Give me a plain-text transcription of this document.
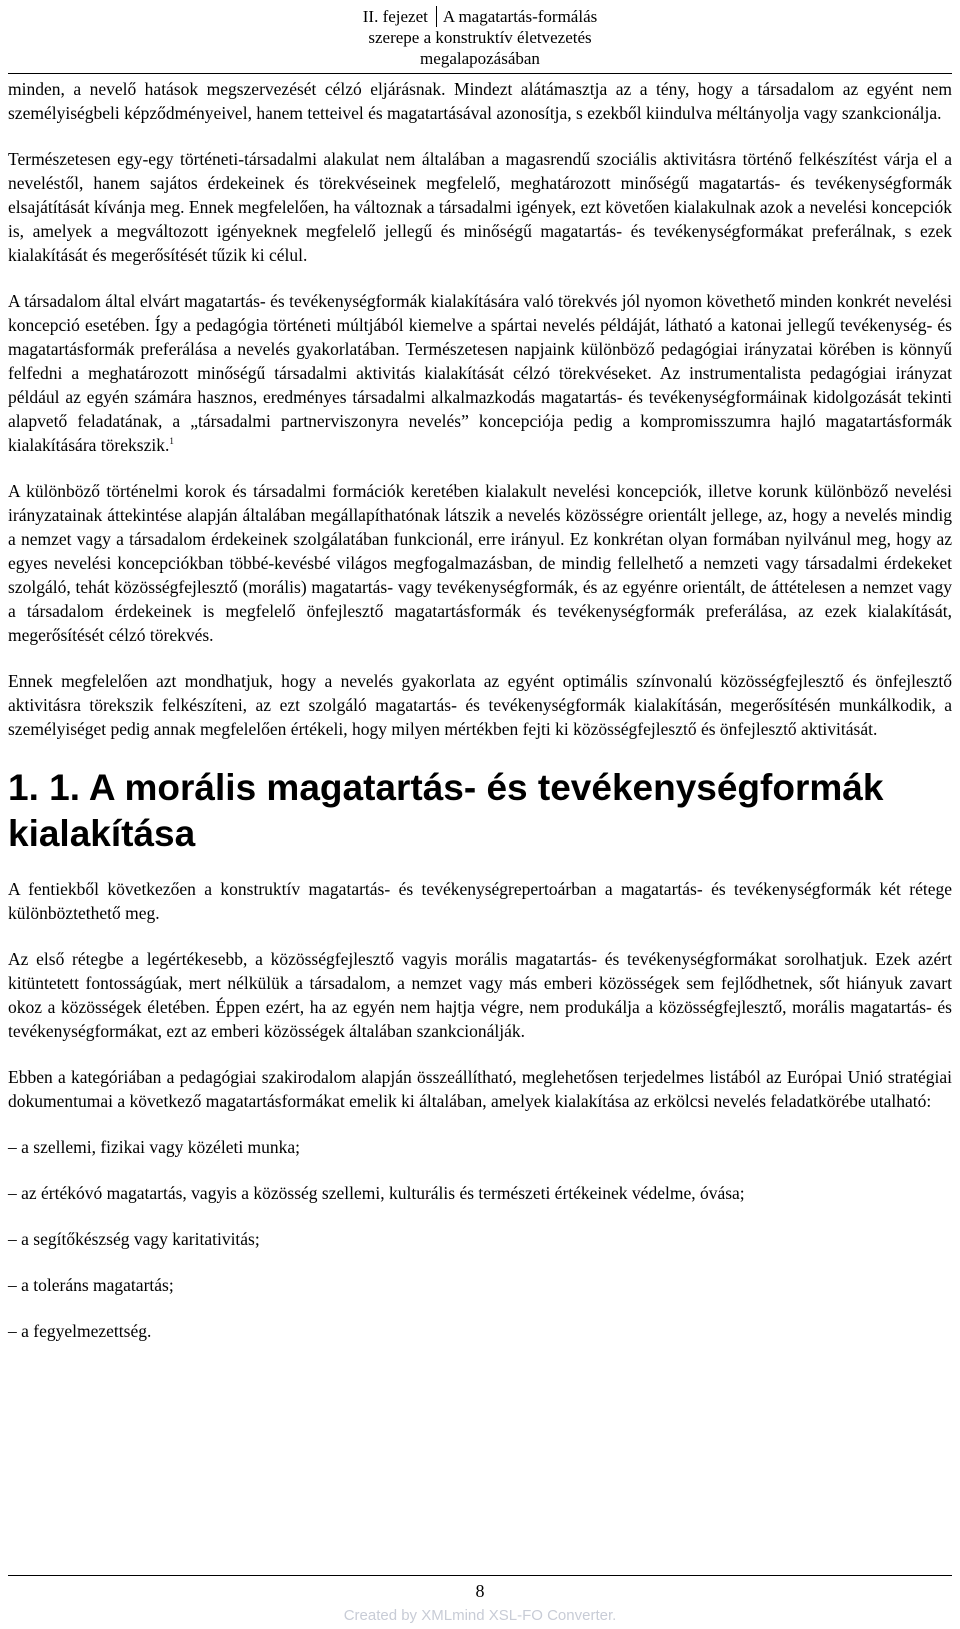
II. fejezet A magatartás-formálás
szerepe a konstruktív életvezetés
megalapozásában

minden, a nevelő hatások megszervezését célzó eljárásnak. Mindezt alátámasztja az a tény, hogy a társadalom az egyént nem személyiségbeli képződményeivel, hanem tetteivel és magatartásával azonosítja, s ezekből kiindulva méltányolja vagy szankcionálja.

Természetesen egy-egy történeti-társadalmi alakulat nem általában a magasrendű szociális aktivitásra történő felkészítést várja el a neveléstől, hanem sajátos érdekeinek és törekvéseinek megfelelő, meghatározott minőségű magatartás- és tevékenységformák elsajátítását kívánja meg. Ennek megfelelően, ha változnak a társadalmi igények, ezt követően kialakulnak azok a nevelési koncepciók is, amelyek a megváltozott igényeknek megfelelő jellegű és minőségű magatartás- és tevékenységformákat preferálnak, s ezek kialakítását és megerősítését tűzik ki célul.

A társadalom által elvárt magatartás- és tevékenységformák kialakítására való törekvés jól nyomon követhető minden konkrét nevelési koncepció esetében. Így a pedagógia történeti múltjából kiemelve a spártai nevelés példáját, látható a katonai jellegű tevékenység- és magatartásformák preferálása a nevelés gyakorlatában. Természetesen napjaink különböző pedagógiai irányzatai körében is könnyű felfedni a meghatározott minőségű társadalmi aktivitás kialakítását célzó törekvéseket. Az instrumentalista pedagógiai irányzat például az egyén számára hasznos, eredményes társadalmi alkalmazkodás magatartás- és tevékenységformáinak kidolgozását tekinti alapvető feladatának, a „társadalmi partnerviszonyra nevelés” koncepciója pedig a kompromisszumra hajló magatartásformák kialakítására törekszik.$^1$

A különböző történelmi korok és társadalmi formációk keretében kialakult nevelési koncepciók, illetve korunk különböző nevelési irányzatainak áttekintése alapján általában megállapíthatónak látszik a nevelés közösségre orientált jellege, az, hogy a nevelés mindig a nemzet vagy a társadalom érdekeinek szolgálatában funkcionál, erre irányul. Ez konkrétan olyan formában nyilvánul meg, hogy az egyes nevelési koncepciókban többé-kevésbé világos megfogalmazásban, de mindig fellelhető a nemzeti vagy társadalmi érdekeket szolgáló, tehát közösségfejlesztő (morális) magatartás- vagy tevékenységformák, és az egyénre orientált, de áttételesen a nemzet vagy a társadalom érdekeinek is megfelelő önfejlesztő magatartásformák és tevékenységformák preferálása, az ezek kialakítását, megerősítését célzó törekvés.

Ennek megfelelően azt mondhatjuk, hogy a nevelés gyakorlata az egyént optimális színvonalú közösségfejlesztő és önfejlesztő aktivitásra törekszik felkészíteni, az ezt szolgáló magatartás- és tevékenységformák kialakításán, megerősítésén munkálkodik, a személyiséget pedig annak megfelelően értékeli, hogy milyen mértékben fejti ki közösségfejlesztő és önfejlesztő aktivitását.

1. 1. A morális magatartás- és tevékenységformák kialakítása

A fentiekből következően a konstruktív magatartás- és tevékenységrepertoárban a magatartás- és tevékenységformák két rétege különböztethető meg.

Az első rétegbe a legértékesebb, a közösségfejlesztő vagyis morális magatartás- és tevékenységformákat sorolhatjuk. Ezek azért kitüntetett fontosságúak, mert nélkülük a társadalom, a nemzet vagy más emberi közösségek sem fejlődhetnek, sőt hiányuk zavart okoz a közösségek életében. Éppen ezért, ha az egyén nem hajtja végre, nem produkálja a közösségfejlesztő, morális magatartás- és tevékenységformákat, ezt az emberi közösségek általában szankcionálják.

Ebben a kategóriában a pedagógiai szakirodalom alapján összeállítható, meglehetősen terjedelmes listából az Európai Unió stratégiai dokumentumai a következő magatartásformákat emelik ki általában, amelyek kialakítása az erkölcsi nevelés feladatkörébe utalható:

– a szellemi, fizikai vagy közéleti munka;
– az értékóvó magatartás, vagyis a közösség szellemi, kulturális és természeti értékeinek védelme, óvása;
– a segítőkészség vagy karitativitás;
– a toleráns magatartás;
– a fegyelmezettség.
8
Created by XMLmind XSL-FO Converter.
